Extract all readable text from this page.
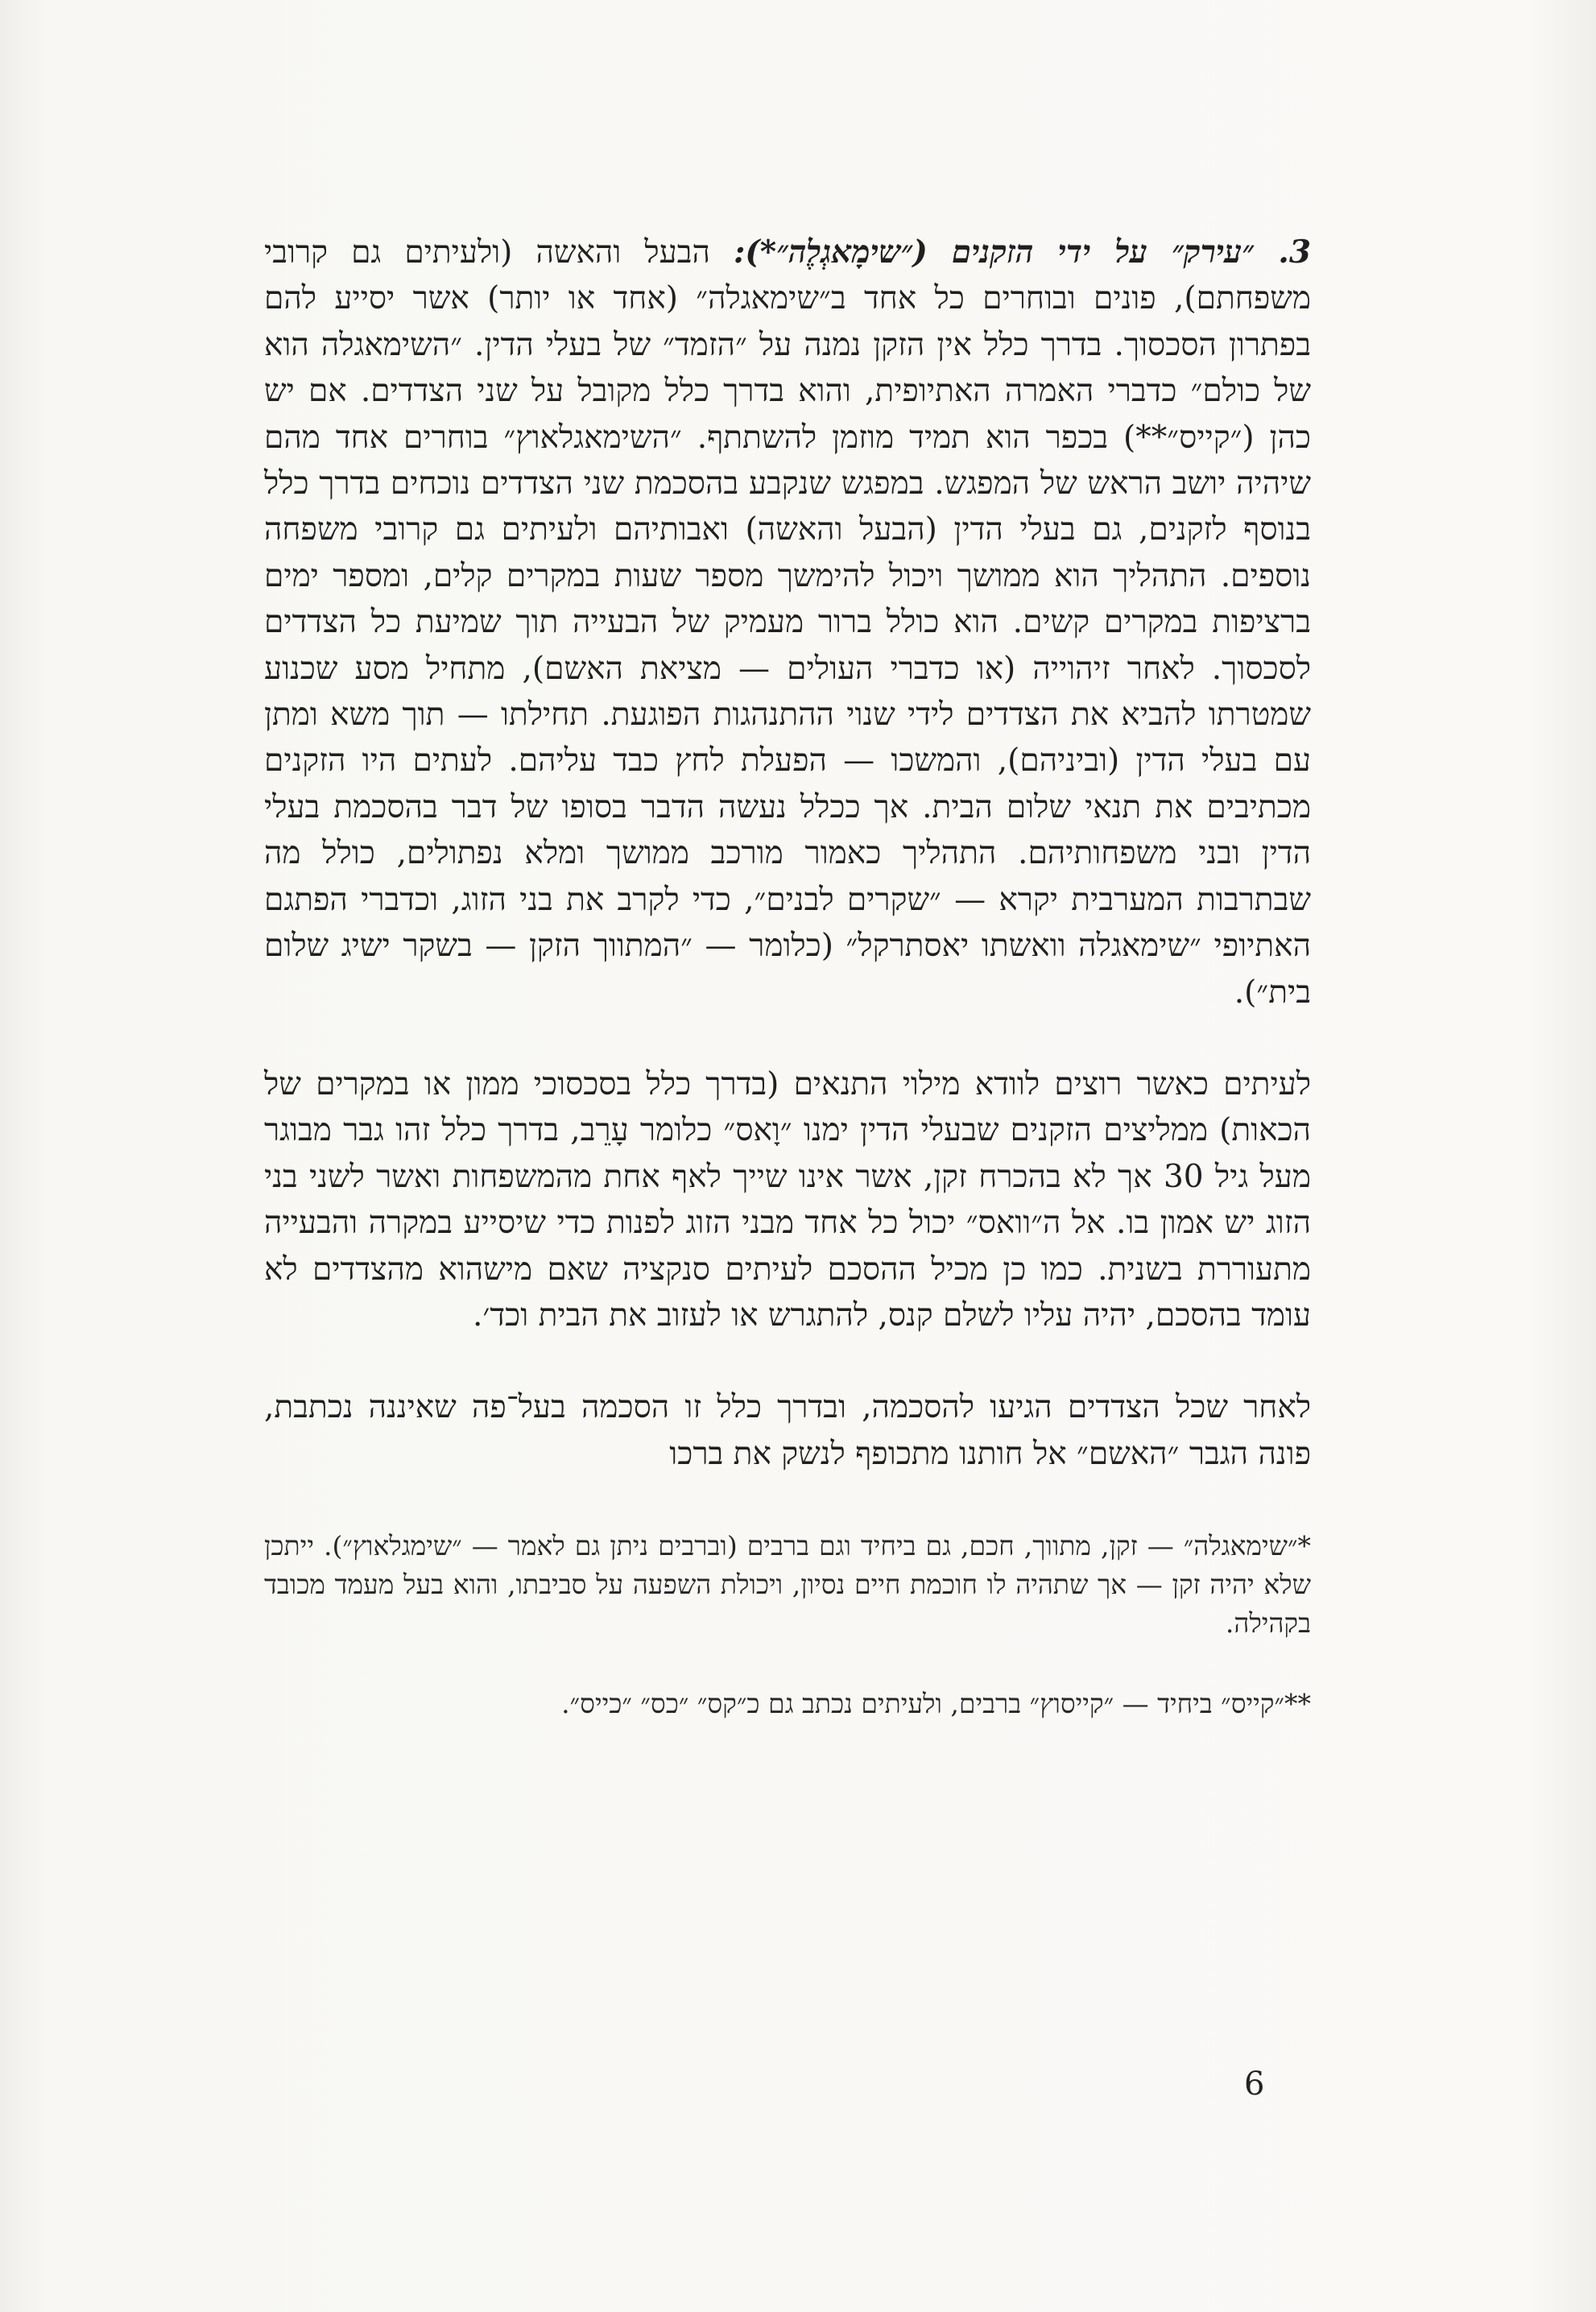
3. ״עירק״ על ידי הזקנים (״שימָאגְלֶה״*): הבעל והאשה (ולעיתים גם קרובי משפחתם), פונים ובוחרים כל אחד ב״שימאגלה״ (אחד או יותר) אשר יסייע להם בפתרון הסכסוך. בדרך כלל אין הזקן נמנה על ״הזמד״ של בעלי הדין. ״השימאגלה הוא של כולם״ כדברי האמרה האתיופית, והוא בדרך כלל מקובל על שני הצדדים. אם יש כהן (״קייס״**) בכפר הוא תמיד מוזמן להשתתף. ״השימאגלאוץ״ בוחרים אחד מהם שיהיה יושב הראש של המפגש. במפגש שנקבע בהסכמת שני הצדדים נוכחים בדרך כלל בנוסף לזקנים, גם בעלי הדין (הבעל והאשה) ואבותיהם ולעיתים גם קרובי משפחה נוספים. התהליך הוא ממושך ויכול להימשך מספר שעות במקרים קלים, ומספר ימים ברציפות במקרים קשים. הוא כולל ברור מעמיק של הבעייה תוך שמיעת כל הצדדים לסכסוך. לאחר זיהוייה (או כדברי העולים — מציאת האשם), מתחיל מסע שכנוע שמטרתו להביא את הצדדים לידי שנוי ההתנהגות הפוגעת. תחילתו — תוך משא ומתן עם בעלי הדין (וביניהם), והמשכו — הפעלת לחץ כבד עליהם. לעתים היו הזקנים מכתיבים את תנאי שלום הבית. אך ככלל נעשה הדבר בסופו של דבר בהסכמת בעלי הדין ובני משפחותיהם. התהליך כאמור מורכב ממושך ומלא נפתולים, כולל מה שבתרבות המערבית יקרא — ״שקרים לבנים״, כדי לקרב את בני הזוג, וכדברי הפתגם האתיופי ״שימאגלה וואשתו יאסתרקל״ (כלומר — ״המתווך הזקן — בשקר ישיג שלום בית״).

לעיתים כאשר רוצים לוודא מילוי התנאים (בדרך כלל בסכסוכי ממון או במקרים של הכאות) ממליצים הזקנים שבעלי הדין ימנו ״וָאס״ כלומר עָרֵב, בדרך כלל זהו גבר מבוגר מעל גיל 30 אך לא בהכרח זקן, אשר אינו שייך לאף אחת מהמשפחות ואשר לשני בני הזוג יש אמון בו. אל ה״וואס״ יכול כל אחד מבני הזוג לפנות כדי שיסייע במקרה והבעייה מתעוררת בשנית. כמו כן מכיל ההסכם לעיתים סנקציה שאם מישהוא מהצדדים לא עומד בהסכם, יהיה עליו לשלם קנס, להתגרש או לעזוב את הבית וכד׳.

לאחר שכל הצדדים הגיעו להסכמה, ובדרך כלל זו הסכמה בעל־פה שאיננה נכתבת, פונה הגבר ״האשם״ אל חותנו מתכופף לנשק את ברכו

*״שימאגלה״ — זקן, מתווך, חכם, גם ביחיד וגם ברבים (וברבים ניתן גם לאמר — ״שימגלאוץ״). ייתכן שלא יהיה זקן — אך שתהיה לו חוכמת חיים נסיון, ויכולת השפעה על סביבתו, והוא בעל מעמד מכובד בקהילה.

**״קייס״ ביחיד — ״קייסוץ״ ברבים, ולעיתים נכתב גם כ״קס״ ״כס״ ״כייס״.

6
